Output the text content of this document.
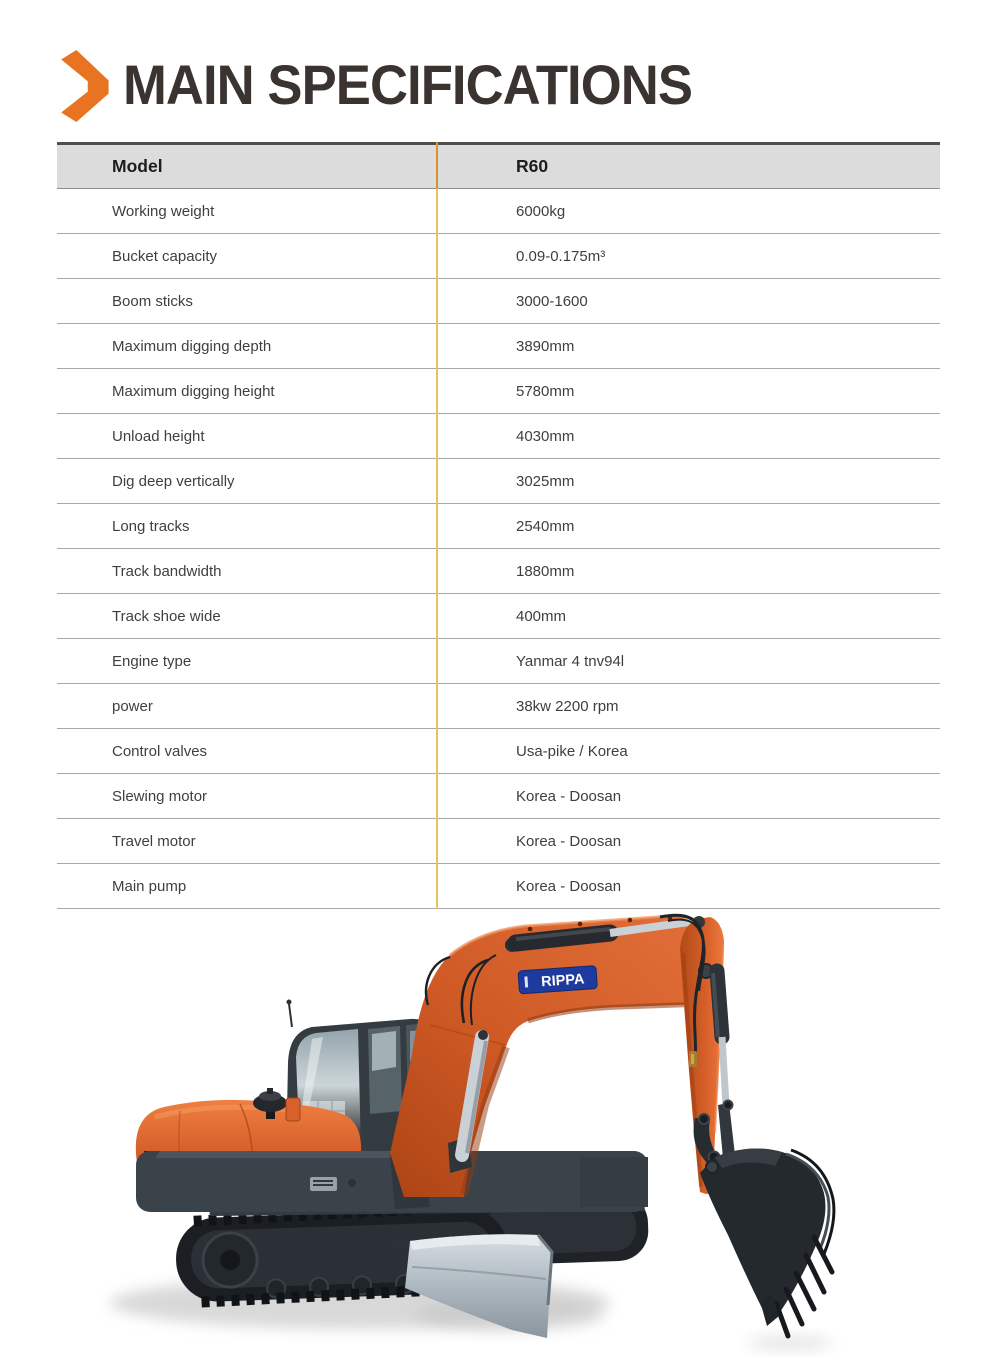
MAIN SPECIFICATIONS
Model	R60
Working weight	6000kg
Bucket capacity	0.09-0.175m³
Boom sticks	3000-1600
Maximum digging depth	3890mm
Maximum digging height	5780mm
Unload height	4030mm
Dig deep vertically	3025mm
Long tracks	2540mm
Track bandwidth	1880mm
Track shoe wide	400mm
Engine type	Yanmar 4 tnv94l
power	38kw 2200 rpm
Control valves	Usa-pike / Korea
Slewing motor	Korea - Doosan
Travel motor	Korea - Doosan
Main pump	Korea - Doosan
RIPPA
